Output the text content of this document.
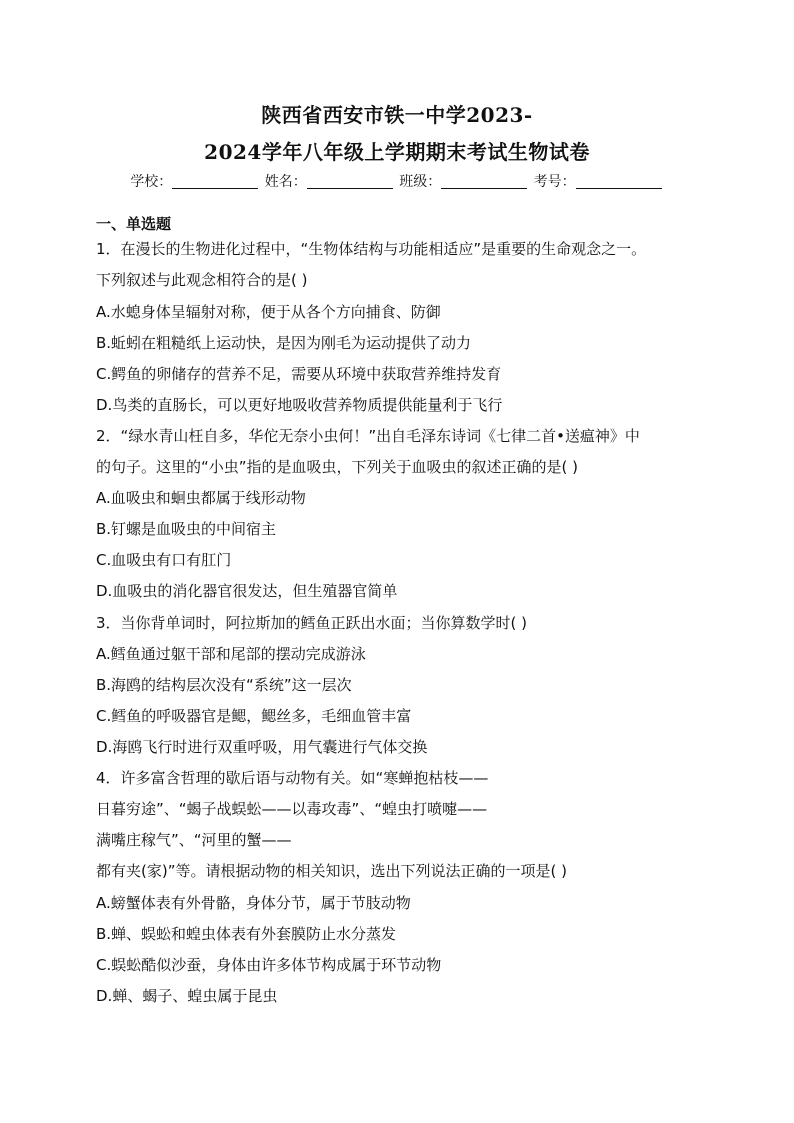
陕西省西安市铁一中学2023-
2024学年八年级上学期期末考试生物试卷
学校：	姓名：	班级：	考号：
一、单选题
1．在漫长的生物进化过程中，“生物体结构与功能相适应”是重要的生命观念之一。
下列叙述与此观念相符合的是( )
A.水螅身体呈辐射对称，便于从各个方向捕食、防御
B.蚯蚓在粗糙纸上运动快，是因为刚毛为运动提供了动力
C.鳄鱼的卵储存的营养不足，需要从环境中获取营养维持发育
D.鸟类的直肠长，可以更好地吸收营养物质提供能量利于飞行
2．“绿水青山枉自多，华佗无奈小虫何！”出自毛泽东诗词《七律二首•送瘟神》中
的句子。这里的“小虫”指的是血吸虫，下列关于血吸虫的叙述正确的是( )
A.血吸虫和蛔虫都属于线形动物
B.钉螺是血吸虫的中间宿主
C.血吸虫有口有肛门
D.血吸虫的消化器官很发达，但生殖器官简单
3．当你背单词时，阿拉斯加的鳕鱼正跃出水面；当你算数学时( )
A.鳕鱼通过躯干部和尾部的摆动完成游泳
B.海鸥的结构层次没有“系统”这一层次
C.鳕鱼的呼吸器官是鳃，鳃丝多，毛细血管丰富
D.海鸥飞行时进行双重呼吸，用气囊进行气体交换
4．许多富含哲理的歇后语与动物有关。如“寒蝉抱枯枝——
日暮穷途”、“蝎子战蜈蚣——以毒攻毒”、“蝗虫打喷嚏——
满嘴庄稼气”、“河里的蟹——
都有夹(家)”等。请根据动物的相关知识，选出下列说法正确的一项是( )
A.螃蟹体表有外骨骼，身体分节，属于节肢动物
B.蝉、蜈蚣和蝗虫体表有外套膜防止水分蒸发
C.蜈蚣酷似沙蚕，身体由许多体节构成属于环节动物
D.蝉、蝎子、蝗虫属于昆虫
